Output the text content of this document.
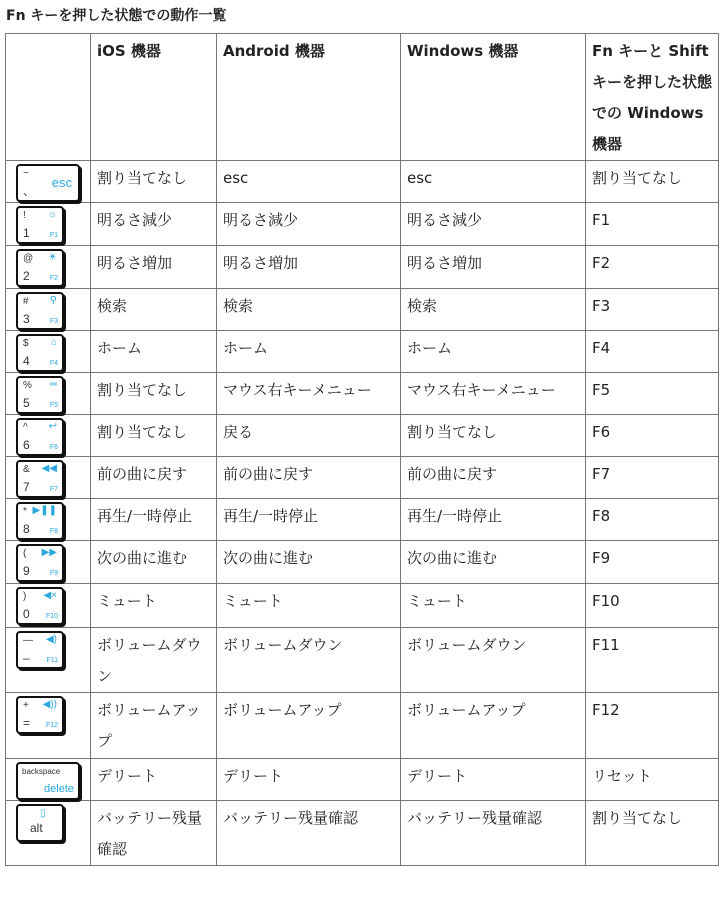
Fn キーを押した状態での動作一覧
	iOS 機器	Android 機器	Windows 機器	Fn キーと Shift キーを押した状態での Windows 機器

~
、
esc	割り当てなし	esc	esc	割り当てなし

!
1
☼
F1	明るさ減少	明るさ減少	明るさ減少	F1

@
2
☀
F2	明るさ増加	明るさ増加	明るさ増加	F2

#
3
⚲
F3	検索	検索	検索	F3

$
4
⌂
F4	ホーム	ホーム	ホーム	F4

%
5
═
F5	割り当てなし	マウス右キーメニュー	マウス右キーメニュー	F5

^
6
↩
F6	割り当てなし	戻る	割り当てなし	F6

&
7
◀◀
F7	前の曲に戻す	前の曲に戻す	前の曲に戻す	F7

*
8
▶❚❚
F8	再生/一時停止	再生/一時停止	再生/一時停止	F8

(
9
▶▶
F9	次の曲に進む	次の曲に進む	次の曲に進む	F9

)
0
◀×
F10	ミュート	ミュート	ミュート	F10

—
–
◀)
F11	ボリュームダウン	ボリュームダウン	ボリュームダウン	F11

+
=
◀))
F12	ボリュームアップ	ボリュームアップ	ボリュームアップ	F12

backspace
delete	デリート	デリート	デリート	リセット

▯
alt	バッテリー残量確認	バッテリー残量確認	バッテリー残量確認	割り当てなし
